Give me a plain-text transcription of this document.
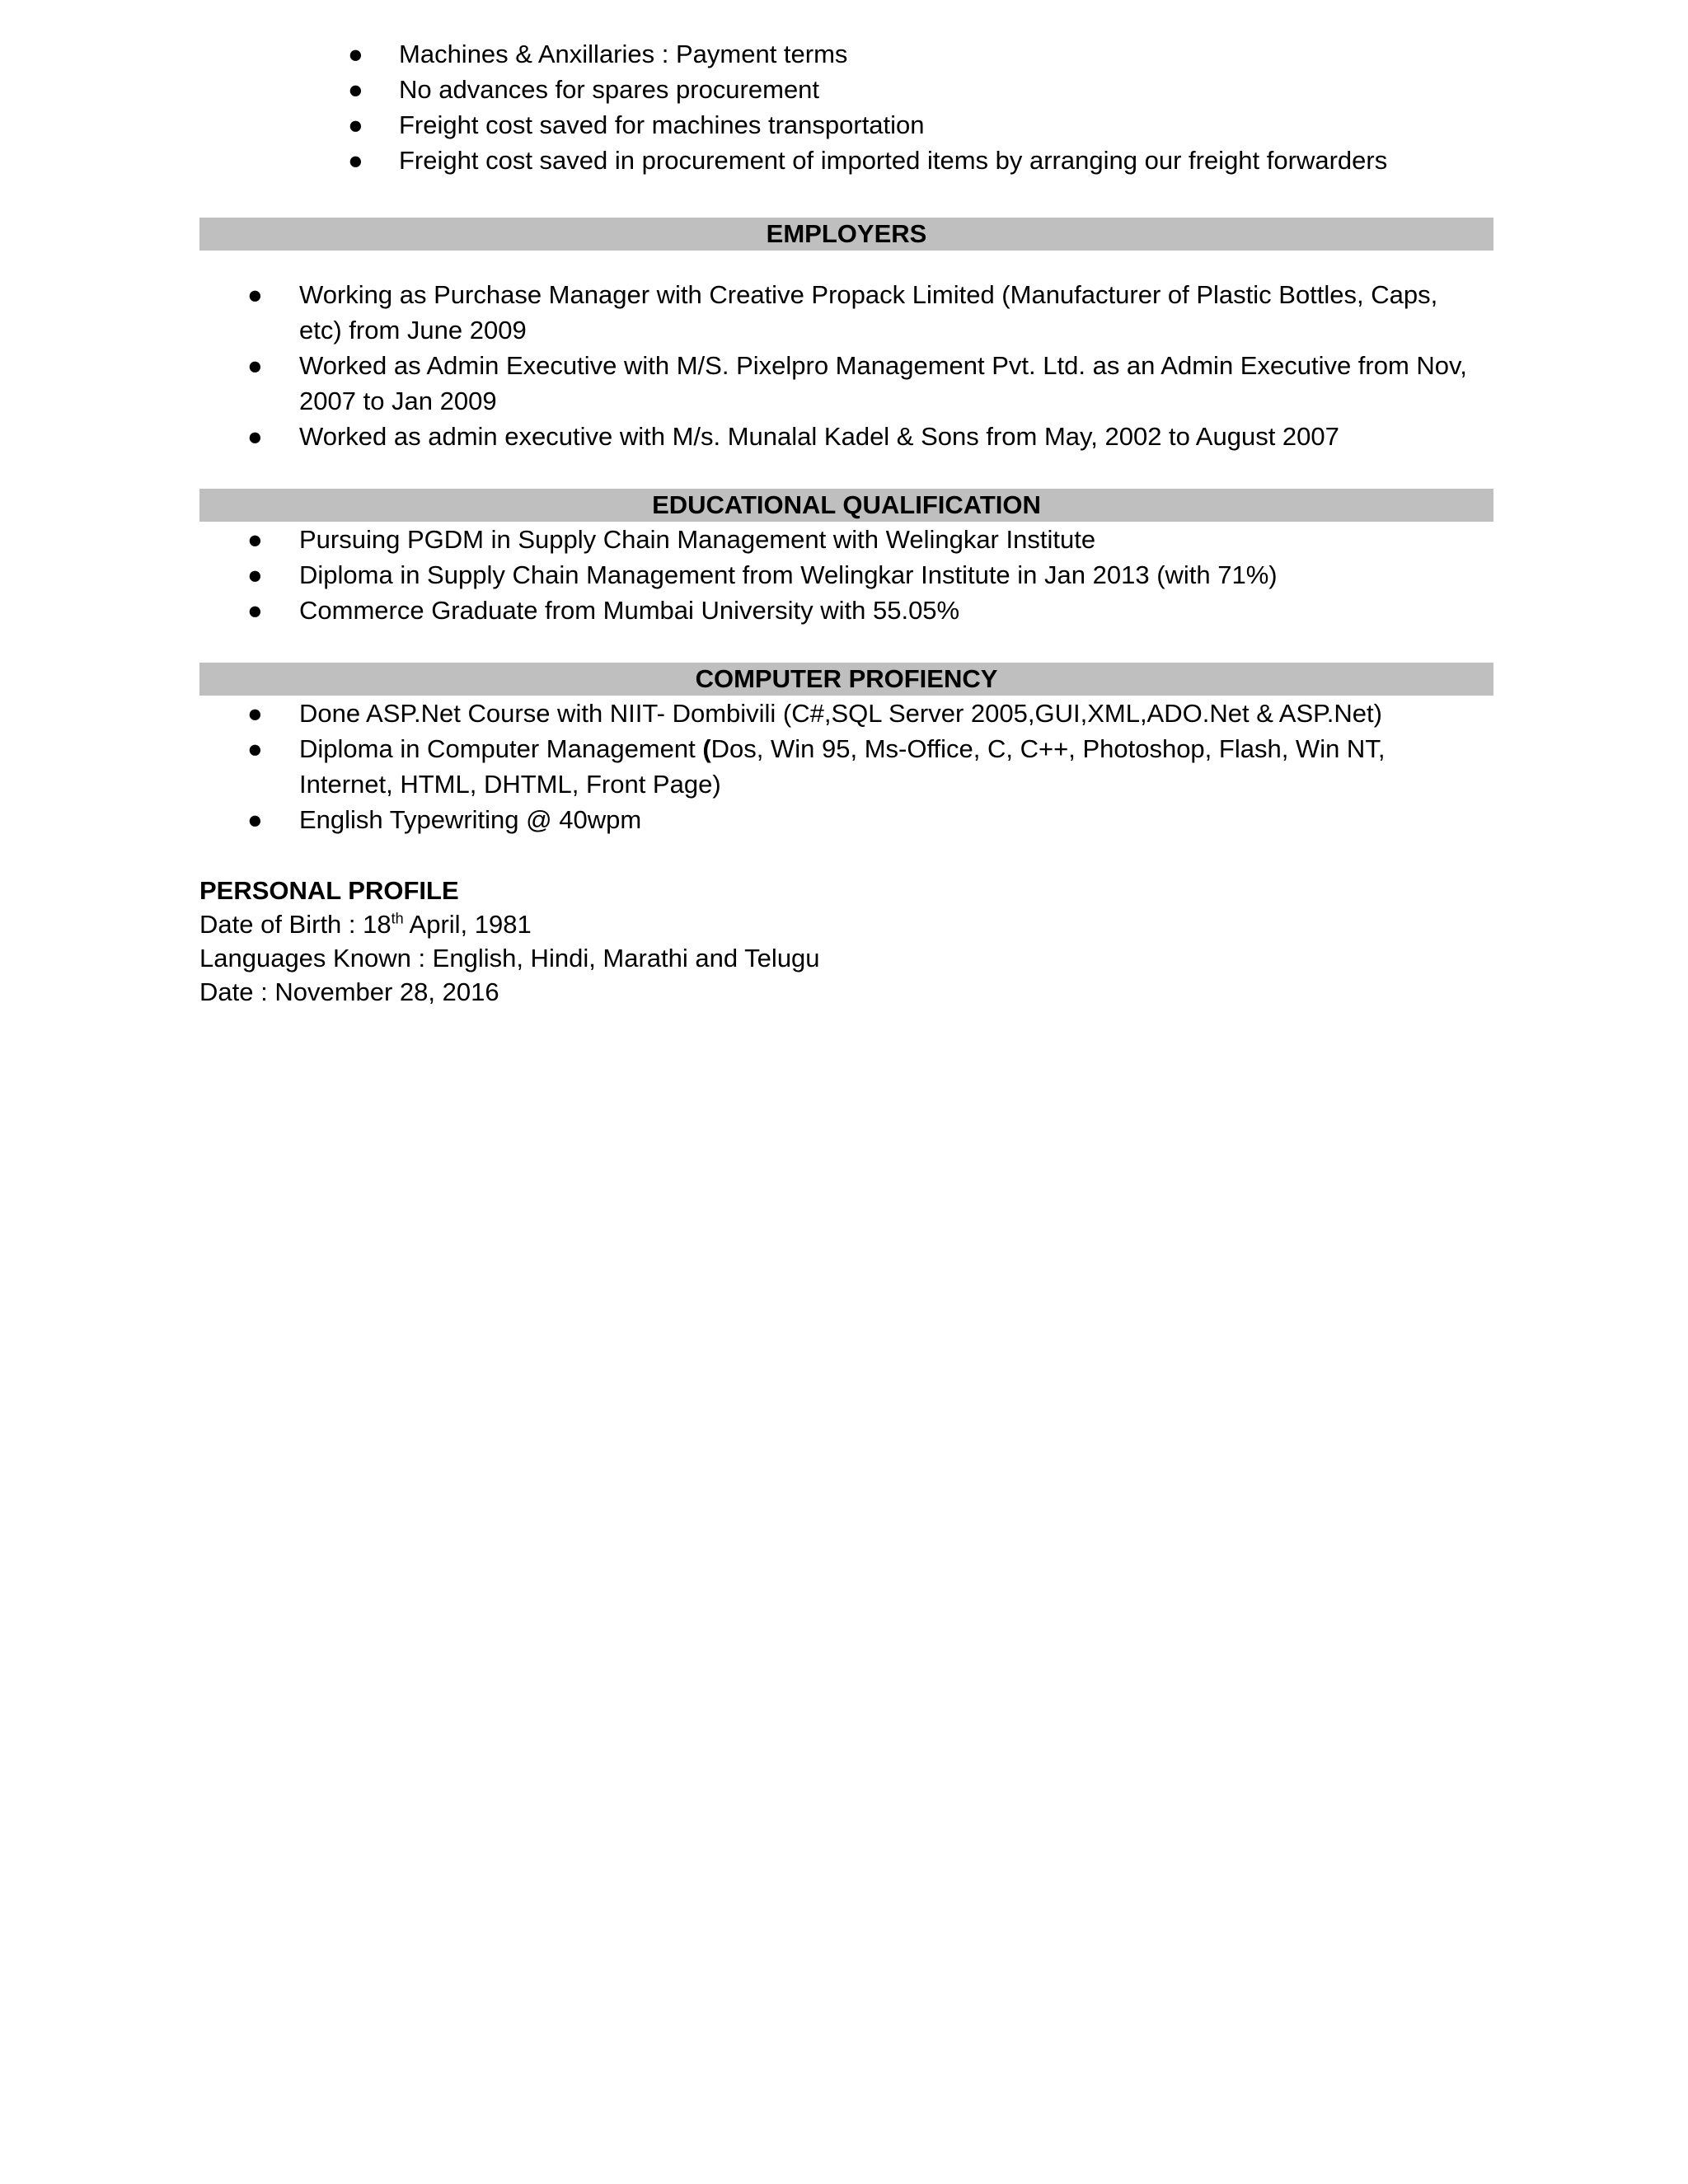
● Machines & Anxillaries : Payment terms
● No advances for spares procurement
● Freight cost saved for machines transportation
● Freight cost saved in procurement of imported items by arranging our freight forwarders
EMPLOYERS
● Working as Purchase Manager with Creative Propack Limited (Manufacturer of Plastic Bottles, Caps, etc) from June 2009
● Worked as Admin Executive with M/S. Pixelpro Management Pvt. Ltd. as an Admin Executive from Nov, 2007 to Jan 2009
● Worked as admin executive with M/s. Munalal Kadel & Sons from May, 2002 to August 2007
EDUCATIONAL QUALIFICATION
● Pursuing PGDM in Supply Chain Management with Welingkar Institute
● Diploma in Supply Chain Management from Welingkar Institute in Jan 2013 (with 71%)
● Commerce Graduate from Mumbai University with 55.05%
COMPUTER PROFIENCY
● Done ASP.Net Course with NIIT- Dombivili (C#,SQL Server 2005,GUI,XML,ADO.Net & ASP.Net)
● Diploma in Computer Management (Dos, Win 95, Ms-Office, C, C++, Photoshop, Flash, Win NT, Internet, HTML, DHTML, Front Page)
● English Typewriting @ 40wpm
PERSONAL PROFILE
Date of Birth : 18th April, 1981
Languages Known : English, Hindi, Marathi and Telugu
Date : November 28, 2016
